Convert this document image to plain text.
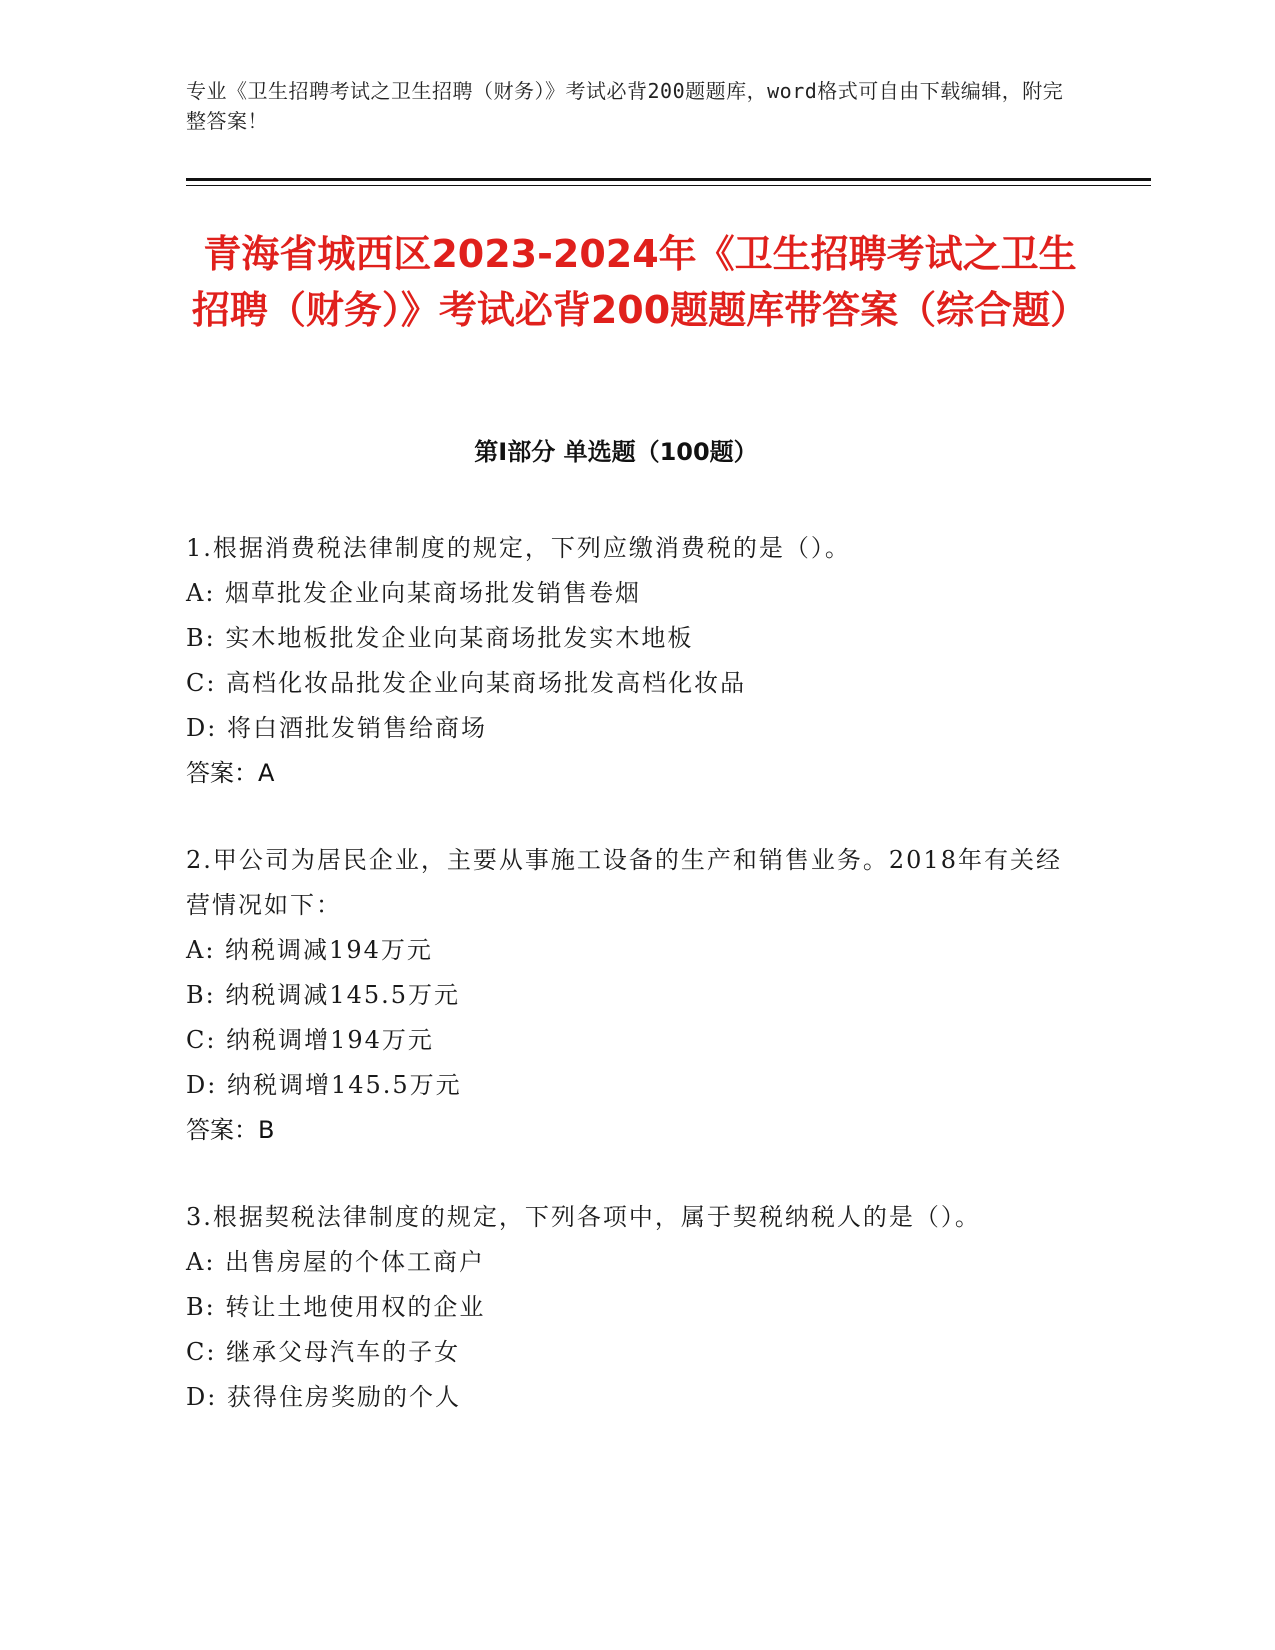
专业《卫生招聘考试之卫生招聘（财务）》考试必背200题题库，word格式可自由下载编辑，附完整答案！
青海省城西区2023-2024年《卫生招聘考试之卫生招聘（财务）》考试必背200题题库带答案（综合题）
第Ⅰ部分 单选题（100题）
1.根据消费税法律制度的规定，下列应缴消费税的是（）。
A: 烟草批发企业向某商场批发销售卷烟
B: 实木地板批发企业向某商场批发实木地板
C: 高档化妆品批发企业向某商场批发高档化妆品
D: 将白酒批发销售给商场
答案：A
2.甲公司为居民企业，主要从事施工设备的生产和销售业务。2018年有关经营情况如下：
A: 纳税调减194万元
B: 纳税调减145.5万元
C: 纳税调增194万元
D: 纳税调增145.5万元
答案：B
3.根据契税法律制度的规定，下列各项中，属于契税纳税人的是（）。
A: 出售房屋的个体工商户
B: 转让土地使用权的企业
C: 继承父母汽车的子女
D: 获得住房奖励的个人
